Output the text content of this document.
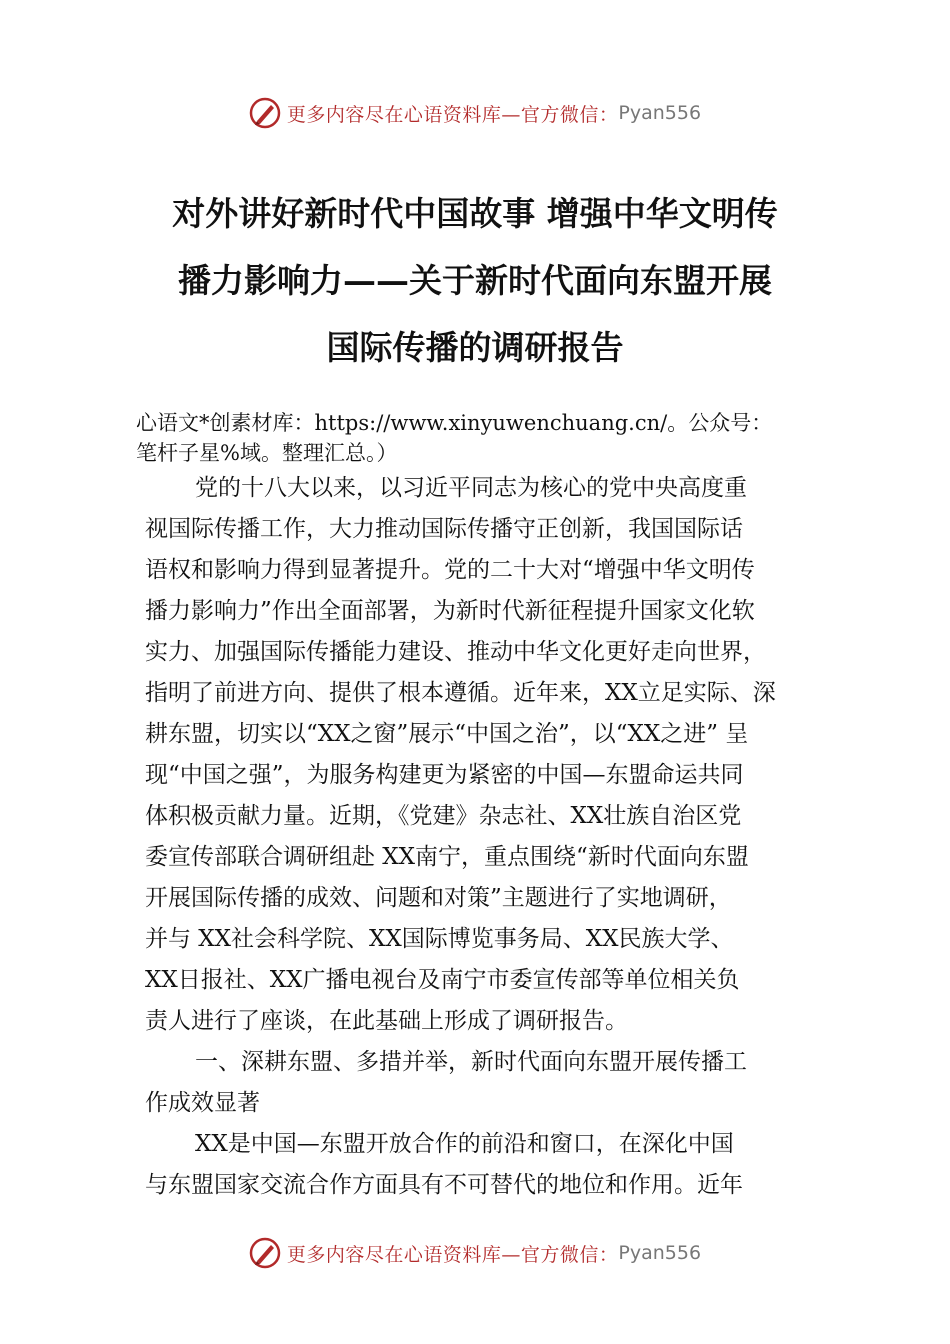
更多内容尽在心语资料库—官方微信： Pyan556
对外讲好新时代中国故事 增强中华文明传
播力影响力——关于新时代面向东盟开展
国际传播的调研报告
心语文*创素材库：https://www.xinyuwenchuang.cn/。公众号：
笔杆子星%域。整理汇总。）
党的十八大以来，以习近平同志为核心的党中央高度重
视国际传播工作，大力推动国际传播守正创新，我国国际话
语权和影响力得到显著提升。党的二十大对“增强中华文明传
播力影响力”作出全面部署，为新时代新征程提升国家文化软
实力、加强国际传播能力建设、推动中华文化更好走向世界，
指明了前进方向、提供了根本遵循。近年来，XX立足实际、深
耕东盟，切实以“XX之窗”展示“中国之治”，以“XX之进” 呈
现“中国之强”，为服务构建更为紧密的中国—东盟命运共同
体积极贡献力量。近期，《党建》杂志社、XX壮族自治区党
委宣传部联合调研组赴 XX南宁，重点围绕“新时代面向东盟
开展国际传播的成效、问题和对策”主题进行了实地调研，
并与 XX社会科学院、XX国际博览事务局、XX民族大学、
XX日报社、XX广播电视台及南宁市委宣传部等单位相关负
责人进行了座谈，在此基础上形成了调研报告。
一、深耕东盟、多措并举，新时代面向东盟开展传播工
作成效显著
XX是中国—东盟开放合作的前沿和窗口，在深化中国
与东盟国家交流合作方面具有不可替代的地位和作用。近年
更多内容尽在心语资料库—官方微信： Pyan556
